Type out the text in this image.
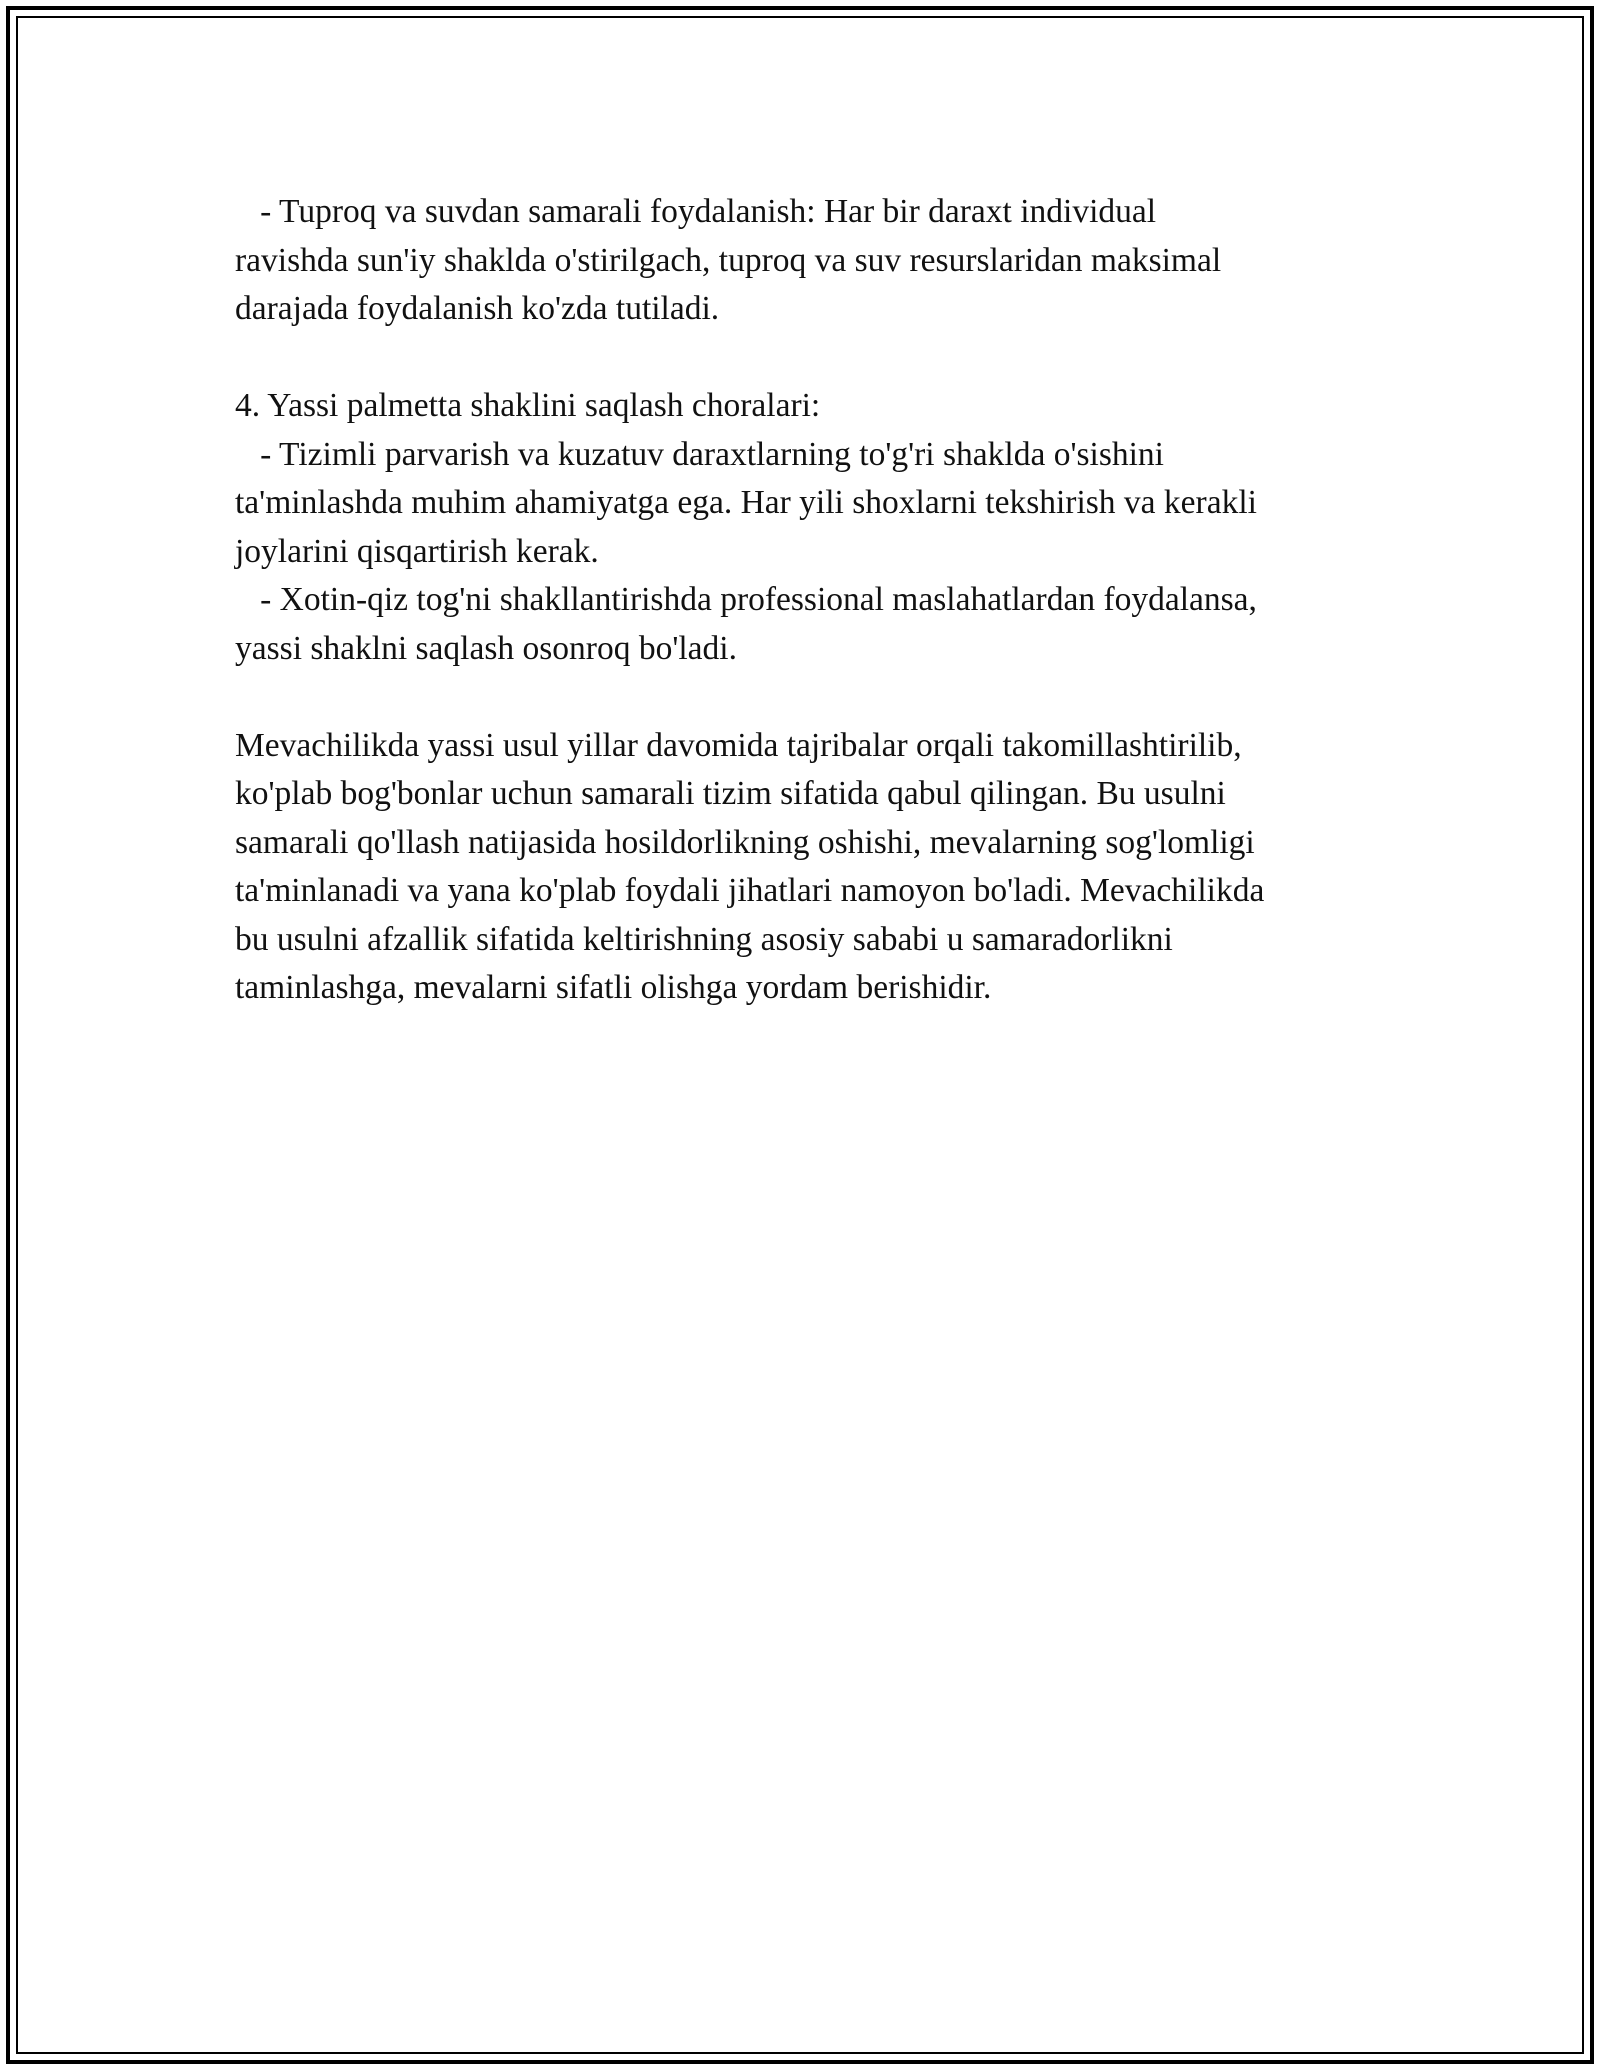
- Tuproq va suvdan samarali foydalanish: Har bir daraxt individual
ravishda sun'iy shaklda o'stirilgach, tuproq va suv resurslaridan maksimal
darajada foydalanish ko'zda tutiladi.
4. Yassi palmetta shaklini saqlash choralari:
- Tizimli parvarish va kuzatuv daraxtlarning to'g'ri shaklda o'sishini
ta'minlashda muhim ahamiyatga ega. Har yili shoxlarni tekshirish va kerakli
joylarini qisqartirish kerak.
- Xotin-qiz tog'ni shakllantirishda professional maslahatlardan foydalansa,
yassi shaklni saqlash osonroq bo'ladi.
Mevachilikda yassi usul yillar davomida tajribalar orqali takomillashtirilib,
ko'plab bog'bonlar uchun samarali tizim sifatida qabul qilingan. Bu usulni
samarali qo'llash natijasida hosildorlikning oshishi, mevalarning sog'lomligi
ta'minlanadi va yana ko'plab foydali jihatlari namoyon bo'ladi. Mevachilikda
bu usulni afzallik sifatida keltirishning asosiy sababi u samaradorlikni
taminlashga, mevalarni sifatli olishga yordam berishidir.
